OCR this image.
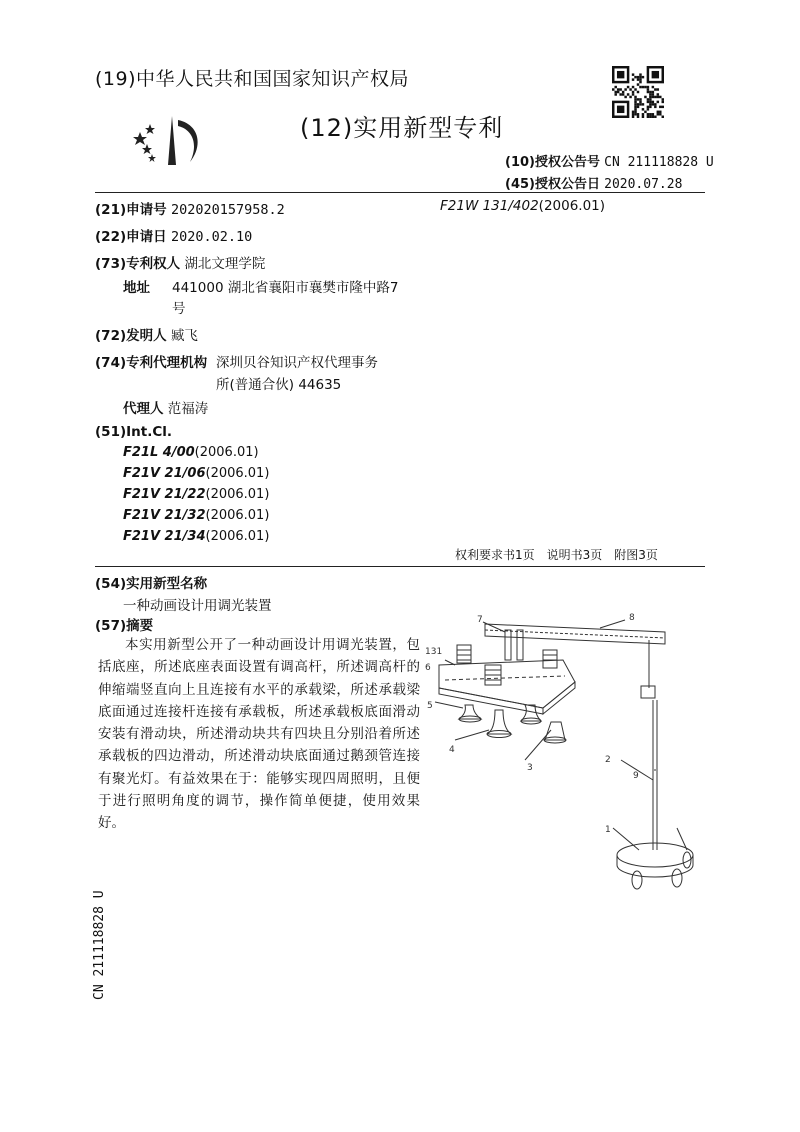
(19)中华人民共和国国家知识产权局
(12)实用新型专利
(10)授权公告号 CN 211118828 U
(45)授权公告日 2020.07.28
(21)申请号 202020157958.2	F21W 131/402(2006.01)
(22)申请日 2020.02.10
(73)专利权人 湖北文理学院
地址 441000 湖北省襄阳市襄樊市隆中路7
号
(72)发明人 臧飞
(74)专利代理机构 深圳贝谷知识产权代理事务
所(普通合伙) 44635
代理人 范福涛
(51)Int.Cl.
F21L 4/00(2006.01)
F21V 21/06(2006.01)
F21V 21/22(2006.01)
F21V 21/32(2006.01)
F21V 21/34(2006.01)
权利要求书1页　说明书3页　附图3页
(54)实用新型名称
一种动画设计用调光装置
(57)摘要

本实用新型公开了一种动画设计用调光装置，包括底座，所述底座表面设置有调高杆，所述调高杆的伸缩端竖直向上且连接有水平的承载梁，所述承载梁底面通过连接杆连接有承载板，所述承载板底面滑动安装有滑动块，所述滑动块共有四块且分别沿着所述承载板的四边滑动，所述滑动块底面通过鹅颈管连接有聚光灯。有益效果在于：能够实现四周照明，且便于进行照明角度的调节，操作简单便捷，使用效果好。

7	8
131
6
5
4
3
9
2
1
CN 211118828 U
